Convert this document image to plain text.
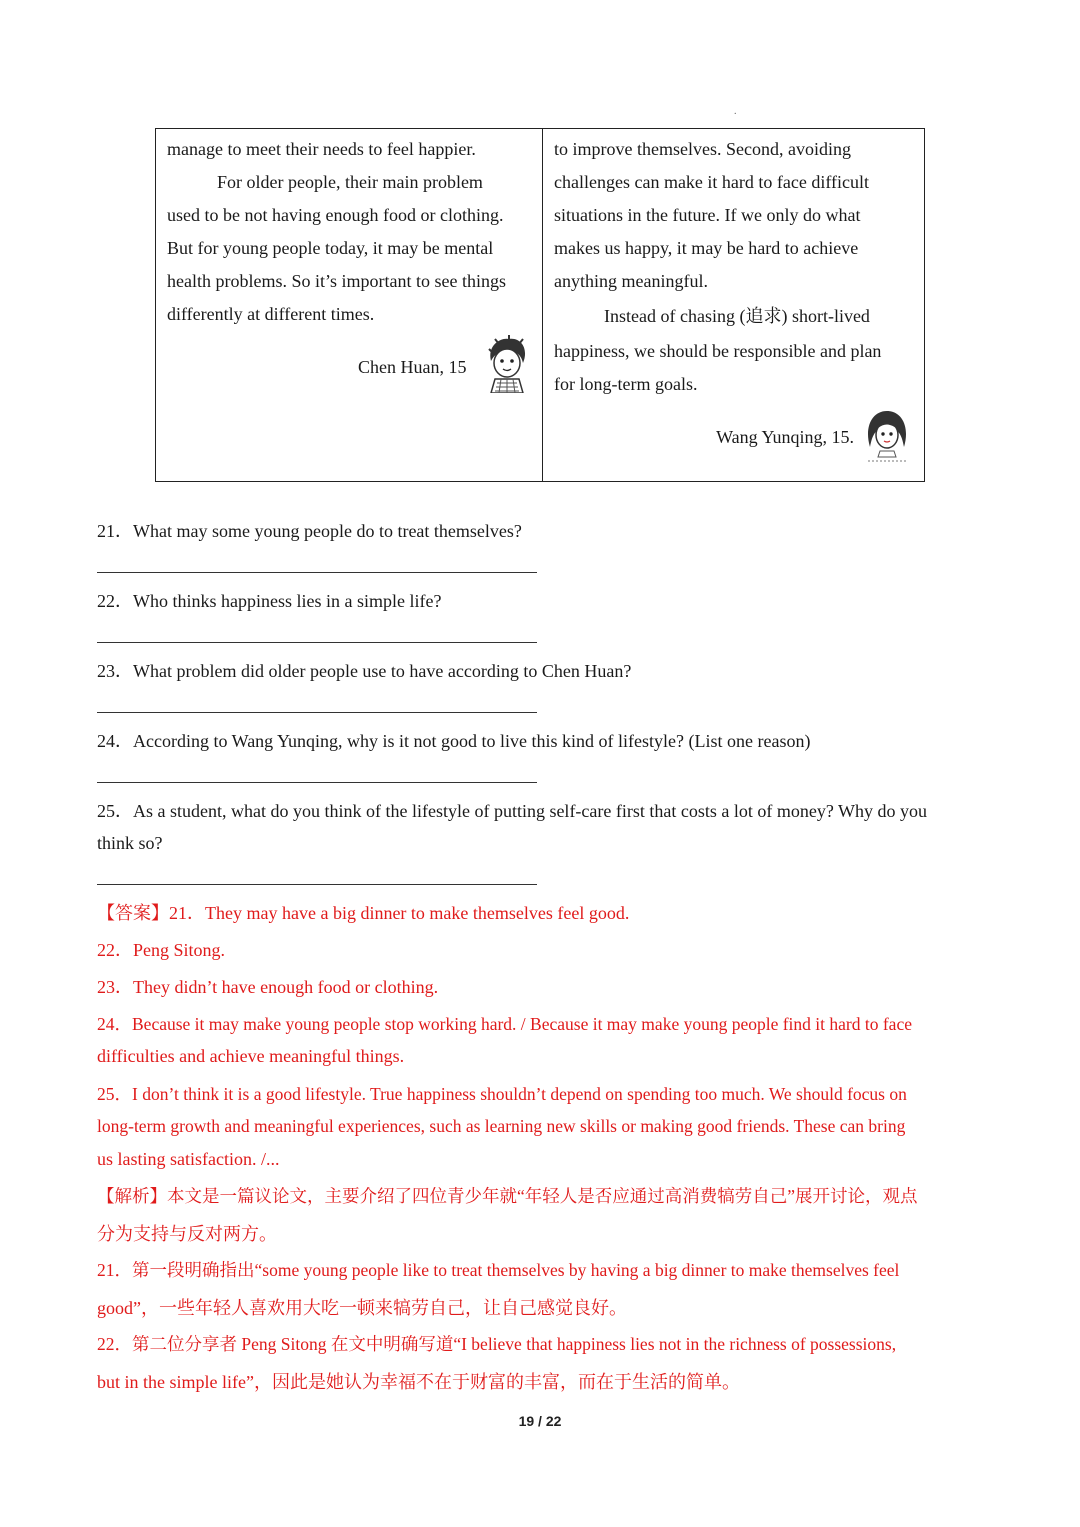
.

manage to meet their needs to feel happier.

For older people, their main problem

used to be not having enough food or clothing.

But for young people today, it may be mental

health problems. So it’s important to see things

differently at different times.

Chen Huan, 15

to improve themselves. Second, avoiding

challenges can make it hard to face difficult

situations in the future. If we only do what

makes us happy, it may be hard to achieve

anything meaningful.

Instead of chasing (追求) short-lived

happiness, we should be responsible and plan

for long-term goals.

Wang Yunqing, 15.
21．What may some young people do to treat themselves?
22．Who thinks happiness lies in a simple life?
23．What problem did older people use to have according to Chen Huan?
24．According to Wang Yunqing, why is it not good to live this kind of lifestyle? (List one reason)
25．As a student, what do you think of the lifestyle of putting self-care first that costs a lot of money? Why do you
think so?
【答案】21．They may have a big dinner to make themselves feel good.
22．Peng Sitong.
23．They didn’t have enough food or clothing.
24．Because it may make young people stop working hard. / Because it may make young people find it hard to face
difficulties and achieve meaningful things.
25．I don’t think it is a good lifestyle. True happiness shouldn’t depend on spending too much. We should focus on
long-term growth and meaningful experiences, such as learning new skills or making good friends. These can bring
us lasting satisfaction. /...
【解析】本文是一篇议论文，主要介绍了四位青少年就“年轻人是否应通过高消费犒劳自己”展开讨论，观点
分为支持与反对两方。
21．第一段明确指出“some young people like to treat themselves by having a big dinner to make themselves feel
good”，一些年轻人喜欢用大吃一顿来犒劳自己，让自己感觉良好。
22．第二位分享者 Peng Sitong 在文中明确写道“I believe that happiness lies not in the richness of possessions,
but in the simple life”，因此是她认为幸福不在于财富的丰富，而在于生活的简单。
19 / 22
